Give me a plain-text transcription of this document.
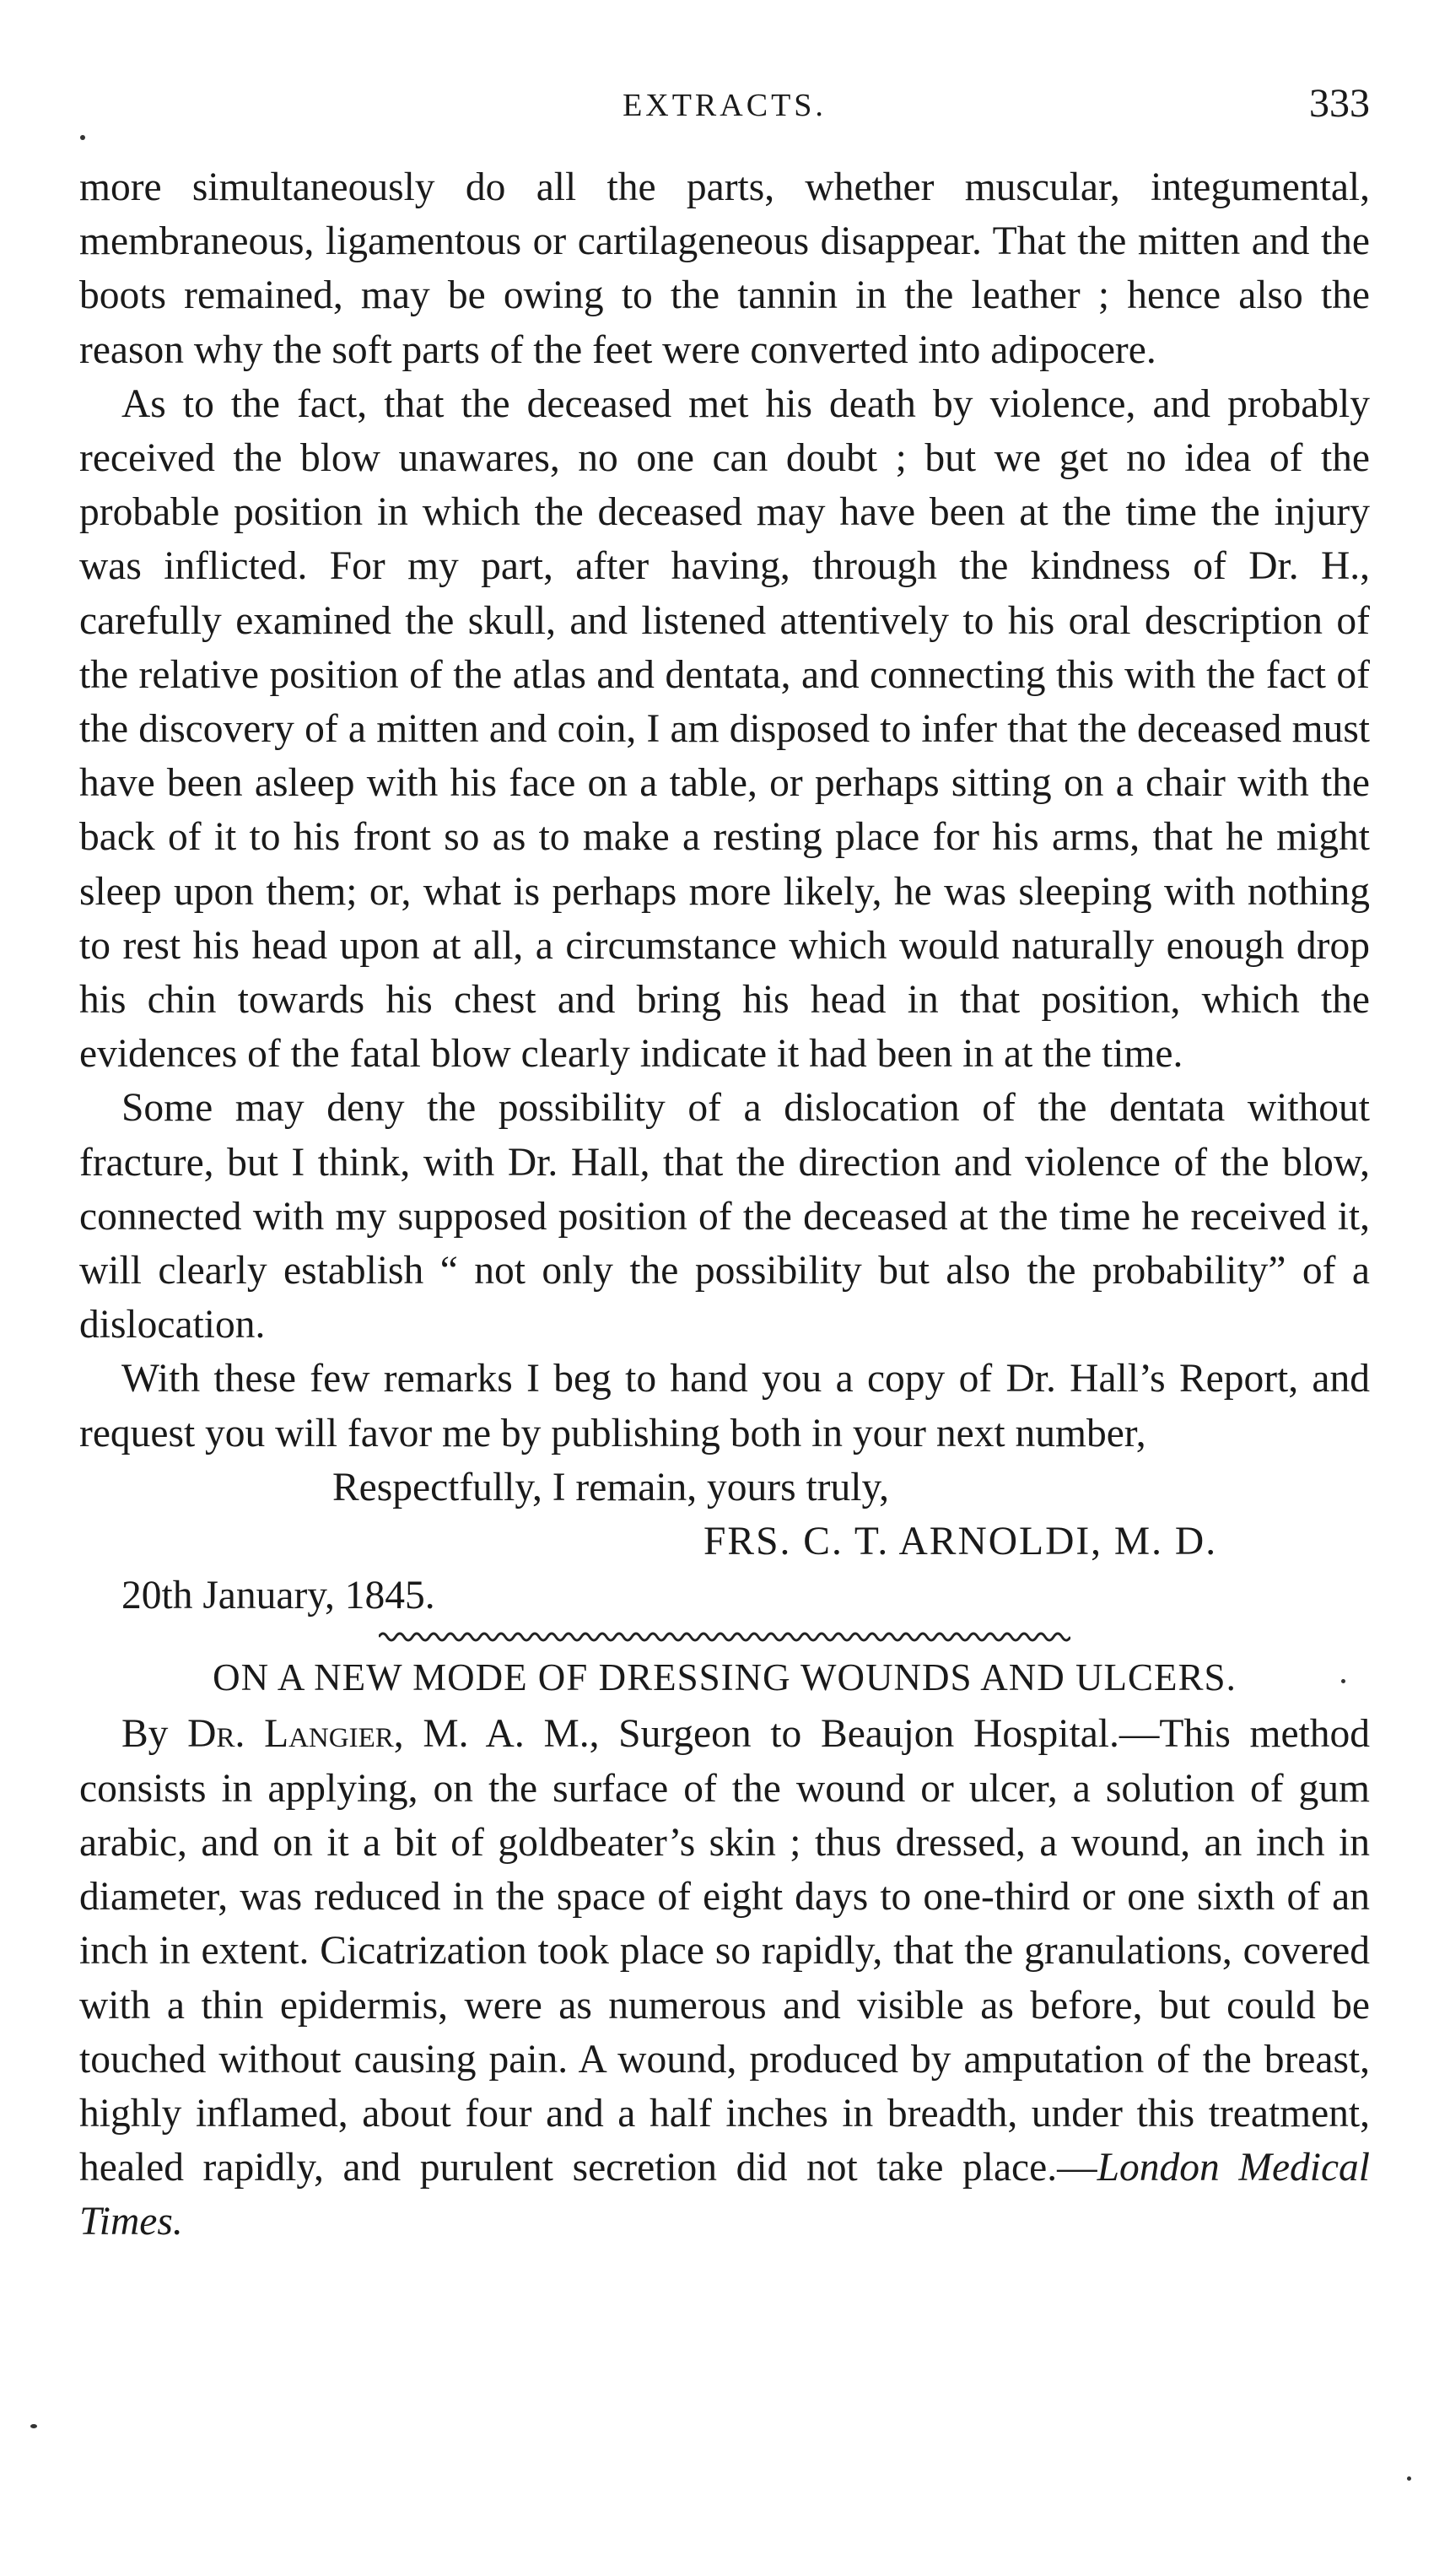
EXTRACTS.	333

more simultaneously do all the parts, whether muscular, integumental, membraneous, ligamentous or cartilageneous disappear. That the mitten and the boots remained, may be owing to the tannin in the leather ; hence also the reason why the soft parts of the feet were converted into adipocere.

As to the fact, that the deceased met his death by violence, and probably received the blow unawares, no one can doubt ; but we get no idea of the probable position in which the deceased may have been at the time the injury was inflicted. For my part, after having, through the kindness of Dr. H., carefully examined the skull, and listened attentively to his oral description of the relative position of the atlas and dentata, and connecting this with the fact of the discovery of a mitten and coin, I am disposed to infer that the deceased must have been asleep with his face on a table, or perhaps sitting on a chair with the back of it to his front so as to make a resting place for his arms, that he might sleep upon them; or, what is perhaps more likely, he was sleeping with nothing to rest his head upon at all, a circumstance which would naturally enough drop his chin towards his chest and bring his head in that position, which the evidences of the fatal blow clearly indicate it had been in at the time.

Some may deny the possibility of a dislocation of the dentata without fracture, but I think, with Dr. Hall, that the direction and violence of the blow, connected with my supposed position of the deceased at the time he received it, will clearly establish “ not only the possibility but also the probability” of a dislocation.

With these few remarks I beg to hand you a copy of Dr. Hall’s Report, and request you will favor me by publishing both in your next number,

Respectfully, I remain, yours truly,

FRS. C. T. ARNOLDI, M. D.

20th January, 1845.

ON A NEW MODE OF DRESSING WOUNDS AND ULCERS.

By Dr. Langier, M. A. M., Surgeon to Beaujon Hospital.—This method consists in applying, on the surface of the wound or ulcer, a solution of gum arabic, and on it a bit of goldbeater’s skin ; thus dressed, a wound, an inch in diameter, was reduced in the space of eight days to one-third or one sixth of an inch in extent. Cicatrization took place so rapidly, that the granulations, covered with a thin epidermis, were as numerous and visible as before, but could be touched without causing pain. A wound, produced by amputation of the breast, highly inflamed, about four and a half inches in breadth, under this treatment, healed rapidly, and purulent secretion did not take place.—London Medical Times.
